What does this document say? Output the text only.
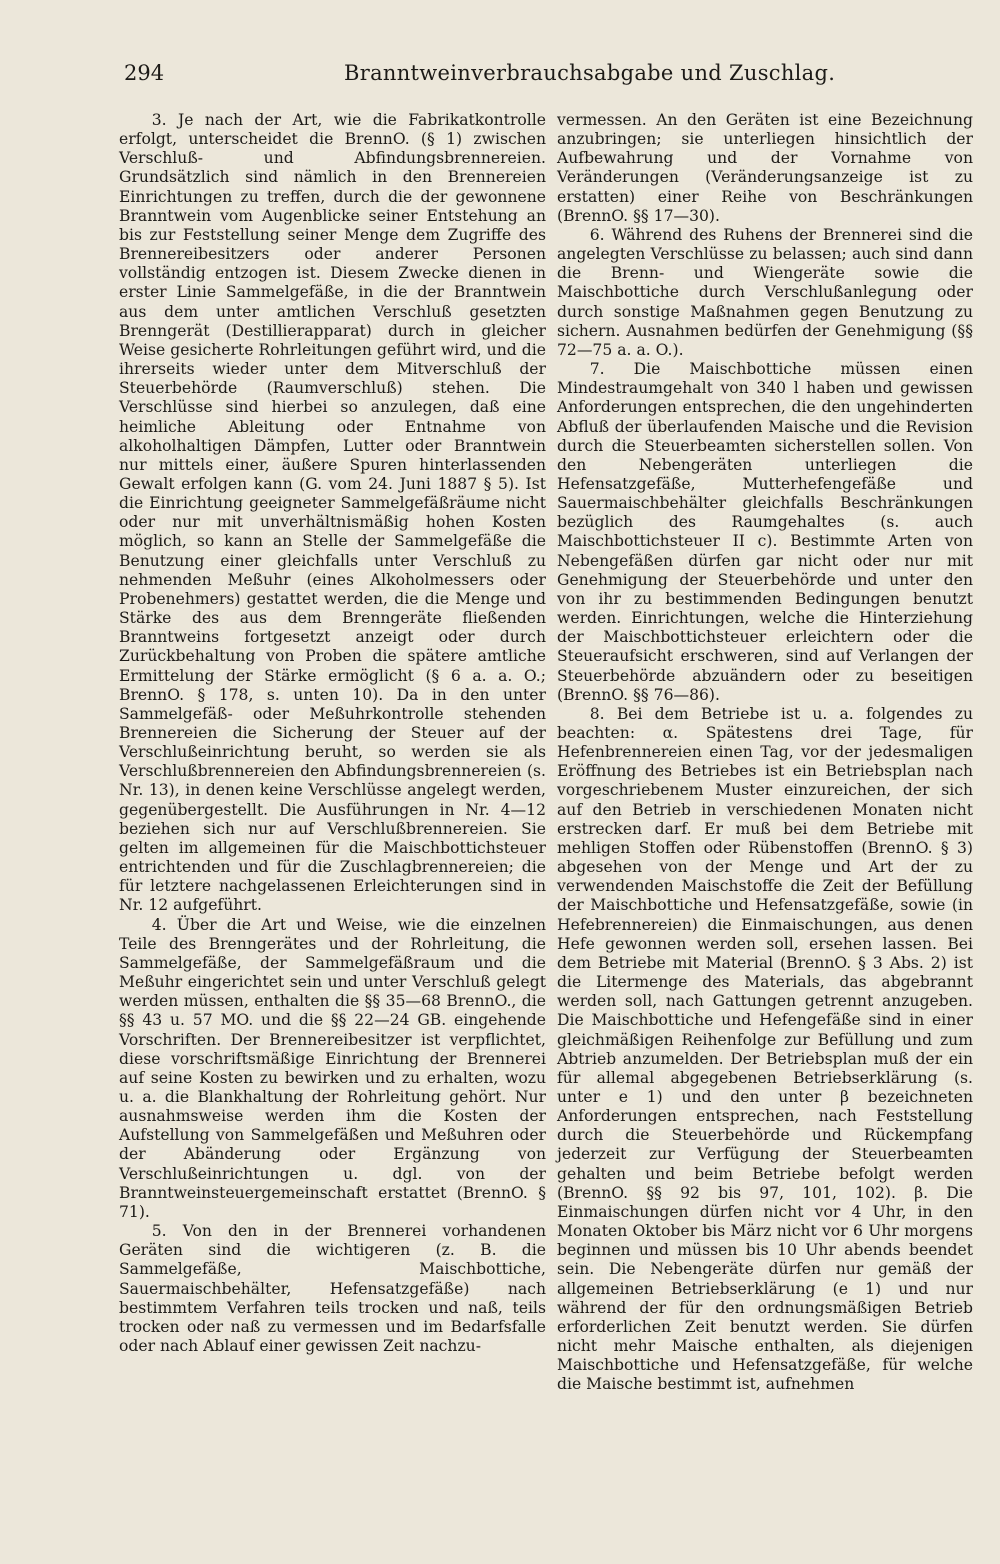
294	Branntweinverbrauchsabgabe und Zuschlag.

3. Je nach der Art, wie die Fabrikatkontrolle erfolgt, unterscheidet die BrennO. (§ 1) zwischen Verschluß- und Abfindungsbrennereien. Grundsätzlich sind nämlich in den Brennereien Einrichtungen zu treffen, durch die der gewonnene Branntwein vom Augenblicke seiner Entstehung an bis zur Feststellung seiner Menge dem Zugriffe des Brennereibesitzers oder anderer Personen vollständig entzogen ist. Diesem Zwecke dienen in erster Linie Sammelgefäße, in die der Branntwein aus dem unter amtlichen Verschluß gesetzten Brenngerät (Destillierapparat) durch in gleicher Weise gesicherte Rohrleitungen geführt wird, und die ihrerseits wieder unter dem Mitverschluß der Steuerbehörde (Raumverschluß) stehen. Die Verschlüsse sind hierbei so anzulegen, daß eine heimliche Ableitung oder Entnahme von alkoholhaltigen Dämpfen, Lutter oder Branntwein nur mittels einer, äußere Spuren hinterlassenden Gewalt erfolgen kann (G. vom 24. Juni 1887 § 5). Ist die Einrichtung geeigneter Sammelgefäßräume nicht oder nur mit unverhältnismäßig hohen Kosten möglich, so kann an Stelle der Sammelgefäße die Benutzung einer gleichfalls unter Verschluß zu nehmenden Meßuhr (eines Alkoholmessers oder Probenehmers) gestattet werden, die die Menge und Stärke des aus dem Brenngeräte fließenden Branntweins fortgesetzt anzeigt oder durch Zurückbehaltung von Proben die spätere amtliche Ermittelung der Stärke ermöglicht (§ 6 a. a. O.; BrennO. § 178, s. unten 10). Da in den unter Sammelgefäß- oder Meßuhrkontrolle stehenden Brennereien die Sicherung der Steuer auf der Verschlußeinrichtung beruht, so werden sie als Verschlußbrennereien den Abfindungsbrennereien (s. Nr. 13), in denen keine Verschlüsse angelegt werden, gegenübergestellt. Die Ausführungen in Nr. 4—12 beziehen sich nur auf Verschlußbrennereien. Sie gelten im allgemeinen für die Maischbottichsteuer entrichtenden und für die Zuschlagbrennereien; die für letztere nachgelassenen Erleichterungen sind in Nr. 12 aufgeführt.

4. Über die Art und Weise, wie die einzelnen Teile des Brenngerätes und der Rohrleitung, die Sammelgefäße, der Sammelgefäßraum und die Meßuhr eingerichtet sein und unter Verschluß gelegt werden müssen, enthalten die §§ 35—68 BrennO., die §§ 43 u. 57 MO. und die §§ 22—24 GB. eingehende Vorschriften. Der Brennereibesitzer ist verpflichtet, diese vorschriftsmäßige Einrichtung der Brennerei auf seine Kosten zu bewirken und zu erhalten, wozu u. a. die Blankhaltung der Rohrleitung gehört. Nur ausnahmsweise werden ihm die Kosten der Aufstellung von Sammelgefäßen und Meßuhren oder der Abänderung oder Ergänzung von Verschlußeinrichtungen u. dgl. von der Branntweinsteuergemeinschaft erstattet (BrennO. § 71).

5. Von den in der Brennerei vorhandenen Geräten sind die wichtigeren (z. B. die Sammelgefäße, Maischbottiche, Sauermaischbehälter, Hefensatzgefäße) nach bestimmtem Verfahren teils trocken und naß, teils trocken oder naß zu vermessen und im Bedarfsfalle oder nach Ablauf einer gewissen Zeit nachzu-

vermessen. An den Geräten ist eine Bezeichnung anzubringen; sie unterliegen hinsichtlich der Aufbewahrung und der Vornahme von Veränderungen (Veränderungsanzeige ist zu erstatten) einer Reihe von Beschränkungen (BrennO. §§ 17—30).

6. Während des Ruhens der Brennerei sind die angelegten Verschlüsse zu belassen; auch sind dann die Brenn- und Wiengeräte sowie die Maischbottiche durch Verschlußanlegung oder durch sonstige Maßnahmen gegen Benutzung zu sichern. Ausnahmen bedürfen der Genehmigung (§§ 72—75 a. a. O.).

7. Die Maischbottiche müssen einen Mindestraumgehalt von 340 l haben und gewissen Anforderungen entsprechen, die den ungehinderten Abfluß der überlaufenden Maische und die Revision durch die Steuerbeamten sicherstellen sollen. Von den Nebengeräten unterliegen die Hefensatzgefäße, Mutterhefengefäße und Sauermaischbehälter gleichfalls Beschränkungen bezüglich des Raumgehaltes (s. auch Maischbottichsteuer II c). Bestimmte Arten von Nebengefäßen dürfen gar nicht oder nur mit Genehmigung der Steuerbehörde und unter den von ihr zu bestimmenden Bedingungen benutzt werden. Einrichtungen, welche die Hinterziehung der Maischbottichsteuer erleichtern oder die Steueraufsicht erschweren, sind auf Verlangen der Steuerbehörde abzuändern oder zu beseitigen (BrennO. §§ 76—86).

8. Bei dem Betriebe ist u. a. folgendes zu beachten: α. Spätestens drei Tage, für Hefenbrennereien einen Tag, vor der jedesmaligen Eröffnung des Betriebes ist ein Betriebsplan nach vorgeschriebenem Muster einzureichen, der sich auf den Betrieb in verschiedenen Monaten nicht erstrecken darf. Er muß bei dem Betriebe mit mehligen Stoffen oder Rübenstoffen (BrennO. § 3) abgesehen von der Menge und Art der zu verwendenden Maischstoffe die Zeit der Befüllung der Maischbottiche und Hefensatzgefäße, sowie (in Hefebrennereien) die Einmaischungen, aus denen Hefe gewonnen werden soll, ersehen lassen. Bei dem Betriebe mit Material (BrennO. § 3 Abs. 2) ist die Litermenge des Materials, das abgebrannt werden soll, nach Gattungen getrennt anzugeben. Die Maischbottiche und Hefengefäße sind in einer gleichmäßigen Reihenfolge zur Befüllung und zum Abtrieb anzumelden. Der Betriebsplan muß der ein für allemal abgegebenen Betriebserklärung (s. unter e 1) und den unter β bezeichneten Anforderungen entsprechen, nach Feststellung durch die Steuerbehörde und Rückempfang jederzeit zur Verfügung der Steuerbeamten gehalten und beim Betriebe befolgt werden (BrennO. §§ 92 bis 97, 101, 102). β. Die Einmaischungen dürfen nicht vor 4 Uhr, in den Monaten Oktober bis März nicht vor 6 Uhr morgens beginnen und müssen bis 10 Uhr abends beendet sein. Die Nebengeräte dürfen nur gemäß der allgemeinen Betriebserklärung (e 1) und nur während der für den ordnungsmäßigen Betrieb erforderlichen Zeit benutzt werden. Sie dürfen nicht mehr Maische enthalten, als diejenigen Maischbottiche und Hefensatzgefäße, für welche die Maische bestimmt ist, aufnehmen
